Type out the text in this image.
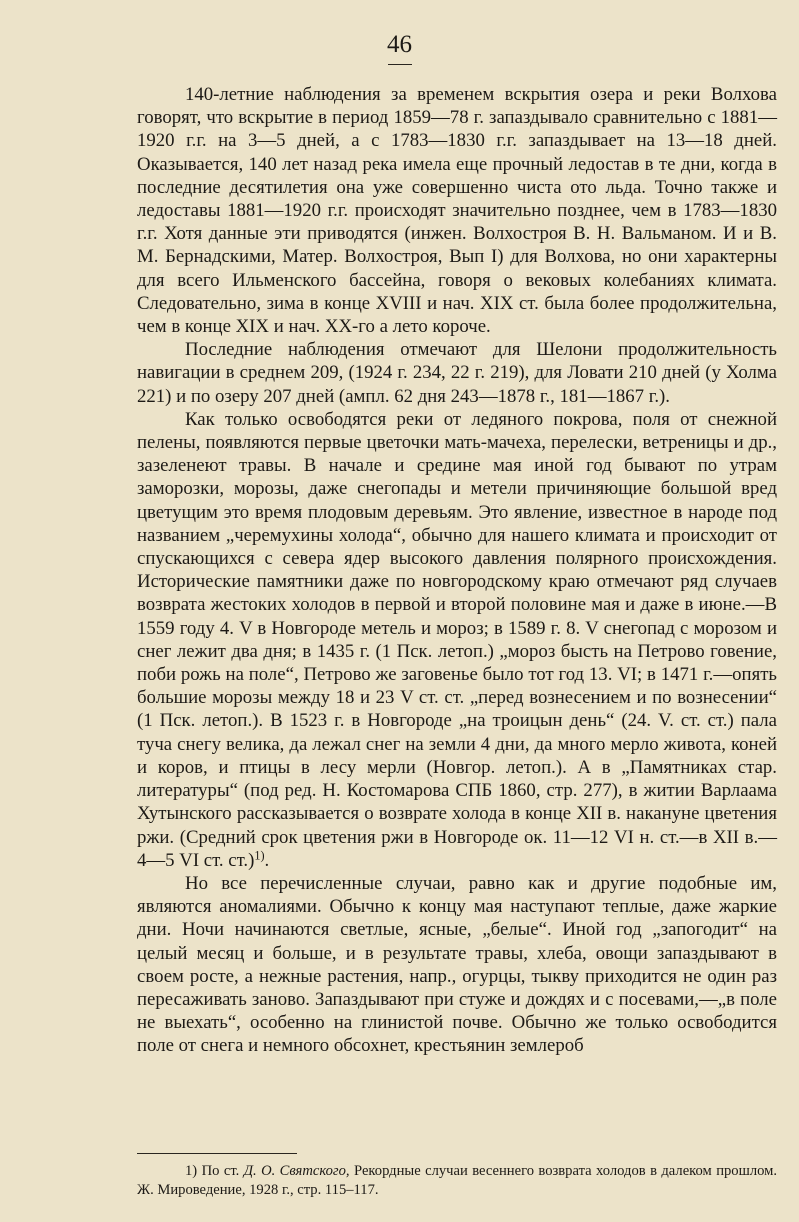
46

140-летние наблюдения за временем вскрытия озера и реки Волхова говорят, что вскрытие в период 1859—78 г. запаздывало сравнительно с 1881—1920 г.г. на 3—5 дней, а с 1783—1830 г.г. запаздывает на 13—18 дней. Оказывается, 140 лет назад река имела еще прочный ледостав в те дни, когда в последние десятилетия она уже совершенно чиста ото льда. Точно также и ледоставы 1881—1920 г.г. происходят значительно позднее, чем в 1783—1830 г.г. Хотя данные эти приводятся (инжен. Волхостроя В. Н. Вальманом. И и В. М. Бернадскими, Матер. Волхостроя, Вып I) для Волхова, но они характерны для всего Ильменского бассейна, говоря о вековых колебаниях климата. Следовательно, зима в конце XVIII и нач. XIX ст. была более продолжительна, чем в конце XIX и нач. XX-го а лето короче.

Последние наблюдения отмечают для Шелони продолжительность навигации в среднем 209, (1924 г. 234, 22 г. 219), для Ловати 210 дней (у Холма 221) и по озеру 207 дней (ампл. 62 дня 243—1878 г., 181—1867 г.).

Как только освободятся реки от ледяного покрова, поля от снежной пелены, появляются первые цветочки мать-мачеха, перелески, ветреницы и др., зазеленеют травы. В начале и средине мая иной год бывают по утрам заморозки, морозы, даже снегопады и метели причиняющие большой вред цветущим это время плодовым деревьям. Это явление, известное в народе под названием „черемухины холода“, обычно для нашего климата и происходит от спускающихся с севера ядер высокого давления полярного происхождения. Исторические памятники даже по новгородскому краю отмечают ряд случаев возврата жестоких холодов в первой и второй половине мая и даже в июне.—В 1559 году 4. V в Новгороде метель и мороз; в 1589 г. 8. V снегопад с морозом и снег лежит два дня; в 1435 г. (1 Пск. летоп.) „мороз бысть на Петрово говение, поби рожь на поле“, Петрово же заговенье было тот год 13. VI; в 1471 г.—опять большие морозы между 18 и 23 V ст. ст. „перед вознесением и по вознесении“ (1 Пск. летоп.). В 1523 г. в Новгороде „на троицын день“ (24. V. ст. ст.) пала туча снегу велика, да лежал снег на земли 4 дни, да много мерло живота, коней и коров, и птицы в лесу мерли (Новгор. летоп.). А в „Памятниках стар. литературы“ (под ред. Н. Костомарова СПБ 1860, стр. 277), в житии Варлаама Хутынского рассказывается о возврате холода в конце XII в. накануне цветения ржи. (Средний срок цветения ржи в Новгороде ок. 11—12 VI н. ст.—в XII в.— 4—5 VI ст. ст.)$^{1)}$.

Но все перечисленные случаи, равно как и другие подобные им, являются аномалиями. Обычно к концу мая наступают теплые, даже жаркие дни. Ночи начинаются светлые, ясные, „белые“. Иной год „запогодит“ на целый месяц и больше, и в результате травы, хлеба, овощи запаздывают в своем росте, а нежные растения, напр., огурцы, тыкву приходится не один раз пересаживать заново. Запаздывают при стуже и дождях и с посевами,—„в поле не выехать“, особенно на глинистой почве. Обычно же только освободится поле от снега и немного обсохнет, крестьянин землероб

1) По ст. Д. О. Святского, Рекордные случаи весеннего возврата холодов в далеком прошлом. Ж. Мироведение, 1928 г., стр. 115–117.
